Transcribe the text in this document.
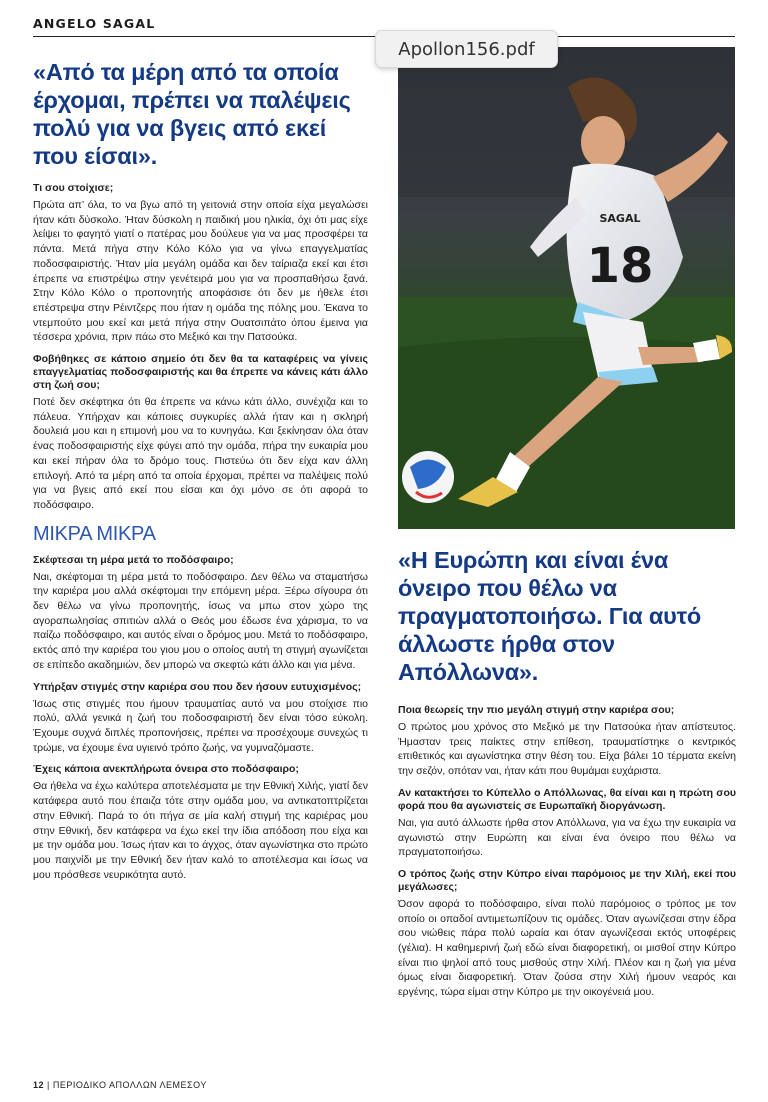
ANGELO SAGAL
Apollon156.pdf
«Από τα μέρη από τα οποία έρχομαι, πρέπει να παλέψεις πολύ για να βγεις από εκεί που είσαι».
Τι σου στοίχισε;
Πρώτα απ’ όλα, το να βγω από τη γειτονιά στην οποία είχα μεγαλώσει ήταν κάτι δύσκολο. Ήταν δύσκολη η παιδική μου ηλικία, όχι ότι μας είχε λείψει το φαγητό γιατί ο πατέρας μου δούλευε για να μας προσφέρει τα πάντα. Μετά πήγα στην Κόλο Κόλο για να γίνω επαγγελματίας ποδοσφαιριστής. Ήταν μία μεγάλη ομάδα και δεν ταίριαζα εκεί και έτσι έπρεπε να επιστρέψω στην γενέτειρά μου για να προσπαθήσω ξανά. Στην Κόλο Κόλο ο προπονητής αποφάσισε ότι δεν με ήθελε έτσι επέστρεψα στην Ρέιντζερς που ήταν η ομάδα της πόλης μου. Έκανα το ντεμπούτο μου εκεί και μετά πήγα στην Ουατσιπάτο όπου έμεινα για τέσσερα χρόνια, πριν πάω στο Μεξικό και την Πατσούκα.
Φοβήθηκες σε κάποιο σημείο ότι δεν θα τα καταφέρεις να γίνεις επαγγελματίας ποδοσφαιριστής και θα έπρεπε να κάνεις κάτι άλλο στη ζωή σου;
Ποτέ δεν σκέφτηκα ότι θα έπρεπε να κάνω κάτι άλλο, συνέχιζα και το πάλευα. Υπήρχαν και κάποιες συγκυρίες αλλά ήταν και η σκληρή δουλειά μου και η επιμονή μου να το κυνηγάω. Και ξεκίνησαν όλα όταν ένας ποδοσφαιριστής είχε φύγει από την ομάδα, πήρα την ευκαιρία μου και εκεί πήραν όλα το δρόμο τους. Πιστεύω ότι δεν είχα καν άλλη επιλογή. Από τα μέρη από τα οποία έρχομαι, πρέπει να παλέψεις πολύ για να βγεις από εκεί που είσαι και όχι μόνο σε ότι αφορά το ποδόσφαιρο.
ΜΙΚΡΑ ΜΙΚΡΑ
Σκέφτεσαι τη μέρα μετά το ποδόσφαιρο;
Ναι, σκέφτομαι τη μέρα μετά το ποδόσφαιρο. Δεν θέλω να σταματήσω την καριέρα μου αλλά σκέφτομαι την επόμενη μέρα. Ξέρω σίγουρα ότι δεν θέλω να γίνω προπονητής, ίσως να μπω στον χώρο της αγοραπωλησίας σπιτιών αλλά ο Θεός μου έδωσε ένα χάρισμα, το να παίζω ποδόσφαιρο, και αυτός είναι ο δρόμος μου. Μετά το ποδόσφαιρο, εκτός από την καριέρα του γιου μου ο οποίος αυτή τη στιγμή αγωνίζεται σε επίπεδο ακαδημιών, δεν μπορώ να σκεφτώ κάτι άλλο και για μένα.
Υπήρξαν στιγμές στην καριέρα σου που δεν ήσουν ευτυχισμένος;
Ίσως στις στιγμές που ήμουν τραυματίας αυτό να μου στοίχισε πιο πολύ, αλλά γενικά η ζωή του ποδοσφαιριστή δεν είναι τόσο εύκολη. Έχουμε συχνά διπλές προπονήσεις, πρέπει να προσέχουμε συνεχώς τι τρώμε, να έχουμε ένα υγιεινό τρόπο ζωής, να γυμναζόμαστε.
Έχεις κάποια ανεκπλήρωτα όνειρα στο ποδόσφαιρο;
Θα ήθελα να έχω καλύτερα αποτελέσματα με την Εθνική Χιλής, γιατί δεν κατάφερα αυτό που έπαιζα τότε στην ομάδα μου, να αντικατοπτρίζεται στην Εθνική. Παρά το ότι πήγα σε μία καλή στιγμή της καριέρας μου στην Εθνική, δεν κατάφερα να έχω εκεί την ίδια απόδοση που είχα και με την ομάδα μου. Ίσως ήταν και το άγχος, όταν αγωνίστηκα στο πρώτο μου παιχνίδι με την Εθνική δεν ήταν καλό το αποτέλεσμα και ίσως να μου πρόσθεσε νευρικότητα αυτό.
SAGAL
18
«Η Ευρώπη και είναι ένα όνειρο που θέλω να πραγματοποιήσω. Για αυτό άλλωστε ήρθα στον Απόλλωνα».
Ποια θεωρείς την πιο μεγάλη στιγμή στην καριέρα σου;
Ο πρώτος μου χρόνος στο Μεξικό με την Πατσούκα ήταν απίστευτος. Ήμασταν τρεις παίκτες στην επίθεση, τραυματίστηκε ο κεντρικός επιθετικός και αγωνίστηκα στην θέση του. Είχα βάλει 10 τέρματα εκείνη την σεζόν, οπόταν ναι, ήταν κάτι που θυμάμαι ευχάριστα.
Αν κατακτήσει το Κύπελλο ο Απόλλωνας, θα είναι και η πρώτη σου φορά που θα αγωνιστείς σε Ευρωπαϊκή διοργάνωση.
Ναι, για αυτό άλλωστε ήρθα στον Απόλλωνα, για να έχω την ευκαιρία να αγωνιστώ στην Ευρώπη και είναι ένα όνειρο που θέλω να πραγματοποιήσω.
Ο τρόπος ζωής στην Κύπρο είναι παρόμοιος με την Χιλή, εκεί που μεγάλωσες;
Όσον αφορά το ποδόσφαιρο, είναι πολύ παρόμοιος ο τρόπος με τον οποίο οι οπαδοί αντιμετωπίζουν τις ομάδες. Όταν αγωνίζεσαι στην έδρα σου νιώθεις πάρα πολύ ωραία και όταν αγωνίζεσαι εκτός υποφέρεις (γέλια). Η καθημερινή ζωή εδώ είναι διαφορετική, οι μισθοί στην Κύπρο είναι πιο ψηλοί από τους μισθούς στην Χιλή. Πλέον και η ζωή για μένα όμως είναι διαφορετική. Όταν ζούσα στην Χιλή ήμουν νεαρός και εργένης, τώρα είμαι στην Κύπρο με την οικογένειά μου.
12 | ΠΕΡΙΟΔΙΚΟ ΑΠΟΛΛΩΝ ΛΕΜΕΣΟΥ
